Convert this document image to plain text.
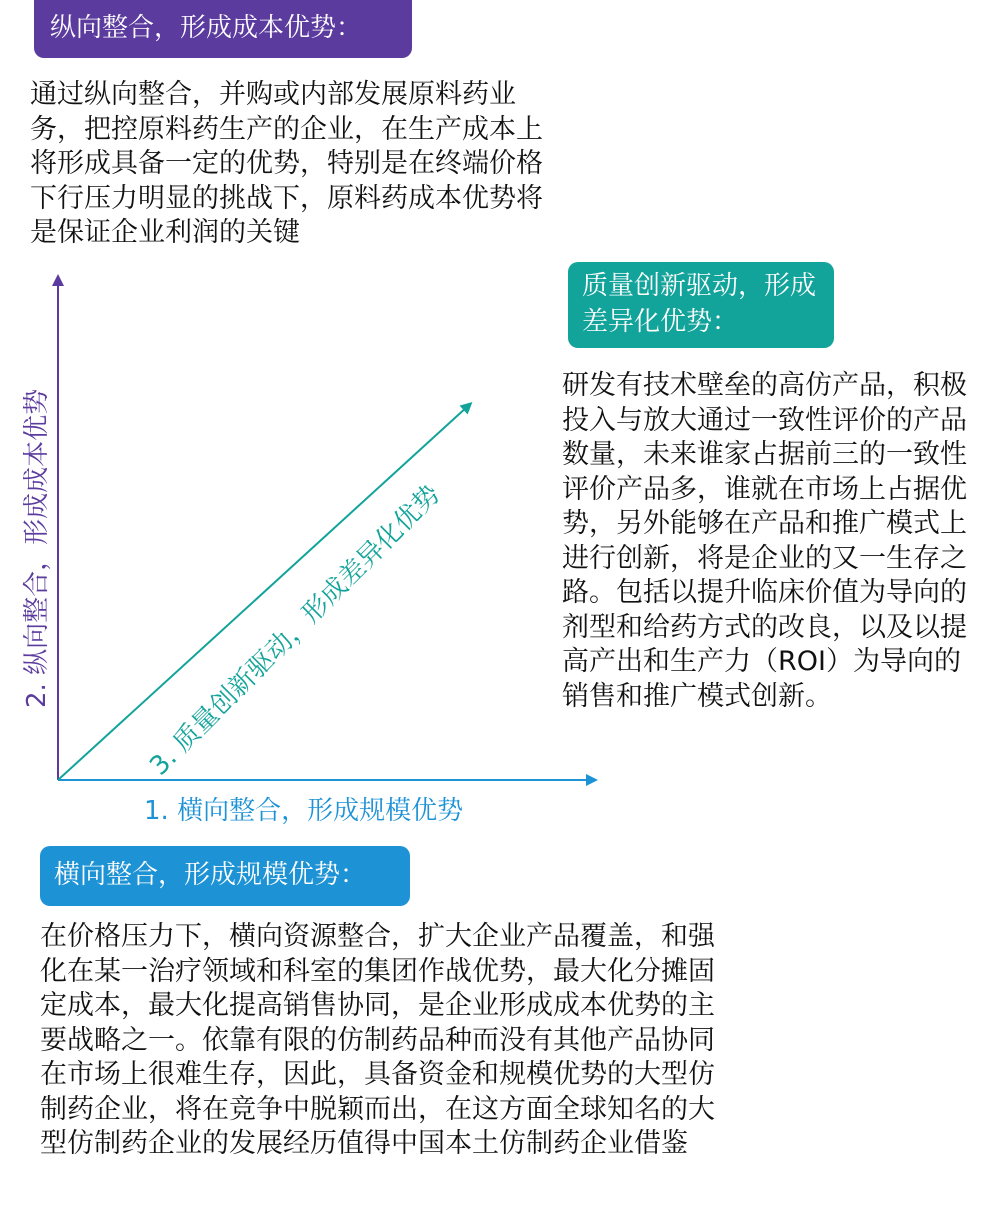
纵向整合，形成成本优势：

通过纵向整合，并购或内部发展原料药业务，把控原料药生产的企业，在生产成本上将形成具备一定的优势，特别是在终端价格下行压力明显的挑战下，原料药成本优势将是保证企业利润的关键

质量创新驱动，形成差异化优势：

研发有技术壁垒的高仿产品，积极投入与放大通过一致性评价的产品数量，未来谁家占据前三的一致性评价产品多，谁就在市场上占据优势，另外能够在产品和推广模式上进行创新，将是企业的又一生存之路。包括以提升临床价值为导向的剂型和给药方式的改良，以及以提高产出和生产力（ROI）为导向的销售和推广模式创新。

2. 纵向整合，形成成本优势	3. 质量创新驱动，形成差异化优势
1. 横向整合，形成规模优势
横向整合，形成规模优势：

在价格压力下，横向资源整合，扩大企业产品覆盖，和强化在某一治疗领域和科室的集团作战优势，最大化分摊固定成本，最大化提高销售协同，是企业形成成本优势的主要战略之一。依靠有限的仿制药品种而没有其他产品协同在市场上很难生存，因此，具备资金和规模优势的大型仿制药企业，将在竞争中脱颖而出，在这方面全球知名的大型仿制药企业的发展经历值得中国本土仿制药企业借鉴
